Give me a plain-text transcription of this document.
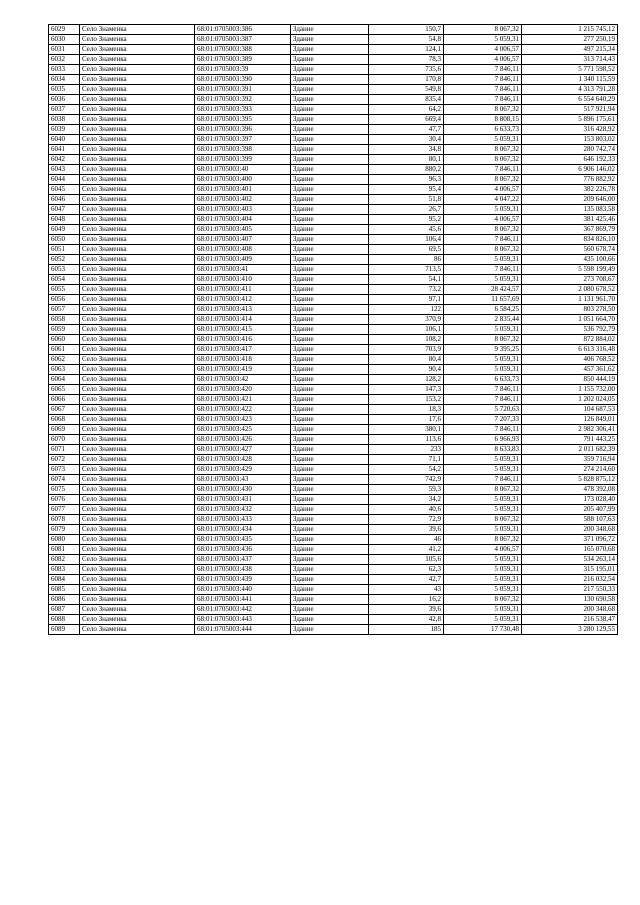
6029	Село Знаменка	68:01:0705003:386	Здание	150,7	8 067,32	1 215 745,12
6030	Село Знаменка	68:01:0705003:387	Здание	54,8	5 059,31	277 250,19
6031	Село Знаменка	68:01:0705003:388	Здание	124,1	4 006,57	497 215,34
6032	Село Знаменка	68:01:0705003:389	Здание	78,3	4 006,57	313 714,43
6033	Село Знаменка	68:01:0705003:39	Здание	735,6	7 846,11	5 771 598,52
6034	Село Знаменка	68:01:0705003:390	Здание	170,8	7 846,11	1 340 115,59
6035	Село Знаменка	68:01:0705003:391	Здание	549,8	7 846,11	4 313 791,28
6036	Село Знаменка	68:01:0705003:392	Здание	835,4	7 846,11	6 554 640,29
6037	Село Знаменка	68:01:0705003:393	Здание	64,2	8 067,32	517 921,94
6038	Село Знаменка	68:01:0705003:395	Здание	669,4	8 808,15	5 896 175,61
6039	Село Знаменка	68:01:0705003:396	Здание	47,7	6 633,73	316 428,92
6040	Село Знаменка	68:01:0705003:397	Здание	30,4	5 059,31	153 803,02
6041	Село Знаменка	68:01:0705003:398	Здание	34,8	8 067,32	280 742,74
6042	Село Знаменка	68:01:0705003:399	Здание	80,1	8 067,32	646 192,33
6043	Село Знаменка	68:01:0705003:40	Здание	880,2	7 846,11	6 906 146,02
6044	Село Знаменка	68:01:0705003:400	Здание	96,3	8 067,32	776 882,92
6045	Село Знаменка	68:01:0705003:401	Здание	95,4	4 006,57	382 226,78
6046	Село Знаменка	68:01:0705003:402	Здание	51,8	4 047,22	209 646,00
6047	Село Знаменка	68:01:0705003:403	Здание	26,7	5 059,31	135 083,58
6048	Село Знаменка	68:01:0705003:404	Здание	95,2	4 006,57	381 425,46
6049	Село Знаменка	68:01:0705003:405	Здание	45,6	8 067,32	367 869,79
6050	Село Знаменка	68:01:0705003:407	Здание	106,4	7 846,11	834 826,10
6051	Село Знаменка	68:01:0705003:408	Здание	69,5	8 067,32	560 678,74
6052	Село Знаменка	68:01:0705003:409	Здание	86	5 059,31	435 100,66
6053	Село Знаменка	68:01:0705003:41	Здание	713,5	7 846,11	5 598 199,49
6054	Село Знаменка	68:01:0705003:410	Здание	54,1	5 059,31	273 708,67
6055	Село Знаменка	68:01:0705003:411	Здание	73,2	28 424,57	2 080 678,52
6056	Село Знаменка	68:01:0705003:412	Здание	97,1	11 657,69	1 131 961,70
6057	Село Знаменка	68:01:0705003:413	Здание	122	6 584,25	803 278,50
6058	Село Знаменка	68:01:0705003:414	Здание	370,9	2 835,44	1 051 664,70
6059	Село Знаменка	68:01:0705003:415	Здание	106,1	5 059,31	536 792,79
6060	Село Знаменка	68:01:0705003:416	Здание	108,2	8 067,32	872 884,02
6061	Село Знаменка	68:01:0705003:417	Здание	703,9	9 395,25	6 613 316,48
6062	Село Знаменка	68:01:0705003:418	Здание	80,4	5 059,31	406 768,52
6063	Село Знаменка	68:01:0705003:419	Здание	90,4	5 059,31	457 361,62
6064	Село Знаменка	68:01:0705003:42	Здание	128,2	6 633,73	850 444,19
6065	Село Знаменка	68:01:0705003:420	Здание	147,3	7 846,11	1 155 732,00
6066	Село Знаменка	68:01:0705003:421	Здание	153,2	7 846,11	1 202 024,05
6067	Село Знаменка	68:01:0705003:422	Здание	18,3	5 720,63	104 687,53
6068	Село Знаменка	68:01:0705003:423	Здание	17,6	7 207,33	126 849,01
6069	Село Знаменка	68:01:0705003:425	Здание	380,1	7 846,11	2 982 306,41
6070	Село Знаменка	68:01:0705003:426	Здание	113,6	6 966,93	791 443,25
6071	Село Знаменка	68:01:0705003:427	Здание	233	8 633,83	2 011 682,39
6072	Село Знаменка	68:01:0705003:428	Здание	71,1	5 059,31	359 716,94
6073	Село Знаменка	68:01:0705003:429	Здание	54,2	5 059,31	274 214,60
6074	Село Знаменка	68:01:0705003:43	Здание	742,9	7 846,11	5 828 875,12
6075	Село Знаменка	68:01:0705003:430	Здание	59,3	8 067,32	478 392,08
6076	Село Знаменка	68:01:0705003:431	Здание	34,2	5 059,31	173 028,40
6077	Село Знаменка	68:01:0705003:432	Здание	40,6	5 059,31	205 407,99
6078	Село Знаменка	68:01:0705003:433	Здание	72,9	8 067,32	588 107,63
6079	Село Знаменка	68:01:0705003:434	Здание	39,6	5 059,31	200 348,68
6080	Село Знаменка	68:01:0705003:435	Здание	46	8 067,32	371 096,72
6081	Село Знаменка	68:01:0705003:436	Здание	41,2	4 006,57	165 070,68
6082	Село Знаменка	68:01:0705003:437	Здание	105,6	5 059,31	534 263,14
6083	Село Знаменка	68:01:0705003:438	Здание	62,3	5 059,31	315 195,01
6084	Село Знаменка	68:01:0705003:439	Здание	42,7	5 059,31	216 032,54
6085	Село Знаменка	68:01:0705003:440	Здание	43	5 059,31	217 550,33
6086	Село Знаменка	68:01:0705003:441	Здание	16,2	8 067,32	130 690,58
6087	Село Знаменка	68:01:0705003:442	Здание	39,6	5 059,31	200 348,68
6088	Село Знаменка	68:01:0705003:443	Здание	42,8	5 059,31	216 538,47
6089	Село Знаменка	68:01:0705003:444	Здание	185	17 730,48	3 280 129,55
